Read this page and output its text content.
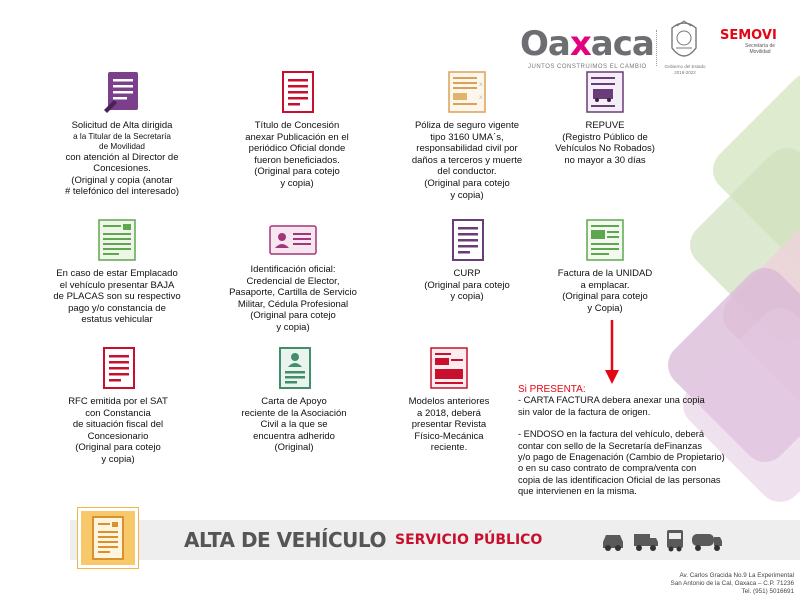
Oaxaca
JUNTOS CONSTRUIMOS EL CAMBIO	Gobierno del Estado
2016-2022
SEMOVI
Secretaría de
Movilidad
Solicitud de Alta dirigida
a la Titular de la Secretaría
de Movilidad
con atención al Director de
Concesiones.
(Original y copia (anotar
# telefónico del interesado)
Título de Concesión
anexar Publicación en el
periódico Oficial donde
fueron beneficiados.
(Original para cotejo
y copia)
x
x
Póliza de seguro vigente
tipo 3160 UMA´s,
responsabilidad civil por
daños a terceros y muerte
del conductor.
(Original para cotejo
y copia)
REPUVE
(Registro Público de
Vehículos No Robados)
no mayor a 30 días
En caso de estar Emplacado
el vehículo presentar BAJA
de PLACAS son su respectivo
pago y/o constancia de
estatus vehicular
Identificación oficial:
Credencial de Elector,
Pasaporte, Cartilla de Servicio
Militar, Cédula Profesional
(Original para cotejo
y copia)
CURP
(Original para cotejo
y copia)
Factura de la UNIDAD
a emplacar.
(Original para cotejo
y Copia)
RFC emitida por el SAT
con Constancia
de situación fiscal del
Concesionario
(Original para cotejo
y copia)
Carta de Apoyo
reciente de la Asociación
Civil a la que se
encuentra adherido
(Original)
Modelos anteriores
a 2018, deberá
presentar Revista
Físico-Mecánica
reciente.
Si PRESENTA:

- CARTA FACTURA debera anexar una copia
sin valor de la factura de origen.

- ENDOSO en la factura del vehículo, deberá
contar con sello de la Secretaría deFinanzas
y/o pago de Enagenación (Cambio de Propietario)
o en su caso contrato de compra/venta con
copia de las identificacion Oficial de las personas
que intervienen en la misma.

ALTA DE VEHÍCULO SERVICIO PÚBLICO
Av. Carlos Gracida No.9 La Experimental
San Antonio de la Cal, Oaxaca – C.P. 71236
Tel. (951) 5016691
